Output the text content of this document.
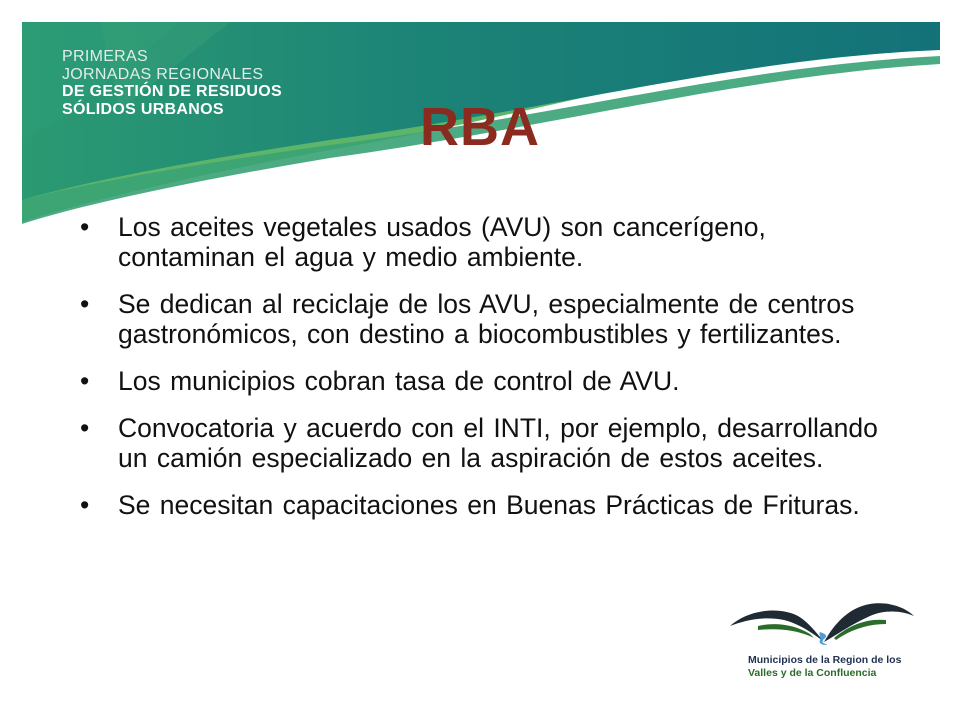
PRIMERAS
JORNADAS REGIONALES
DE GESTIÓN DE RESIDUOS
SÓLIDOS URBANOS	RBA
• Los aceites vegetales usados (AVU) son cancerígeno, contaminan el agua y medio ambiente.
• Se dedican al reciclaje de los AVU, especialmente de centros gastronómicos, con destino a biocombustibles y fertilizantes.
• Los municipios cobran tasa de control de AVU.
• Convocatoria y acuerdo con el INTI, por ejemplo, desarrollando un camión especializado en la aspiración de estos aceites.
• Se necesitan capacitaciones en Buenas Prácticas de Frituras.
Municipios de la Region de los
Valles y de la Confluencia
